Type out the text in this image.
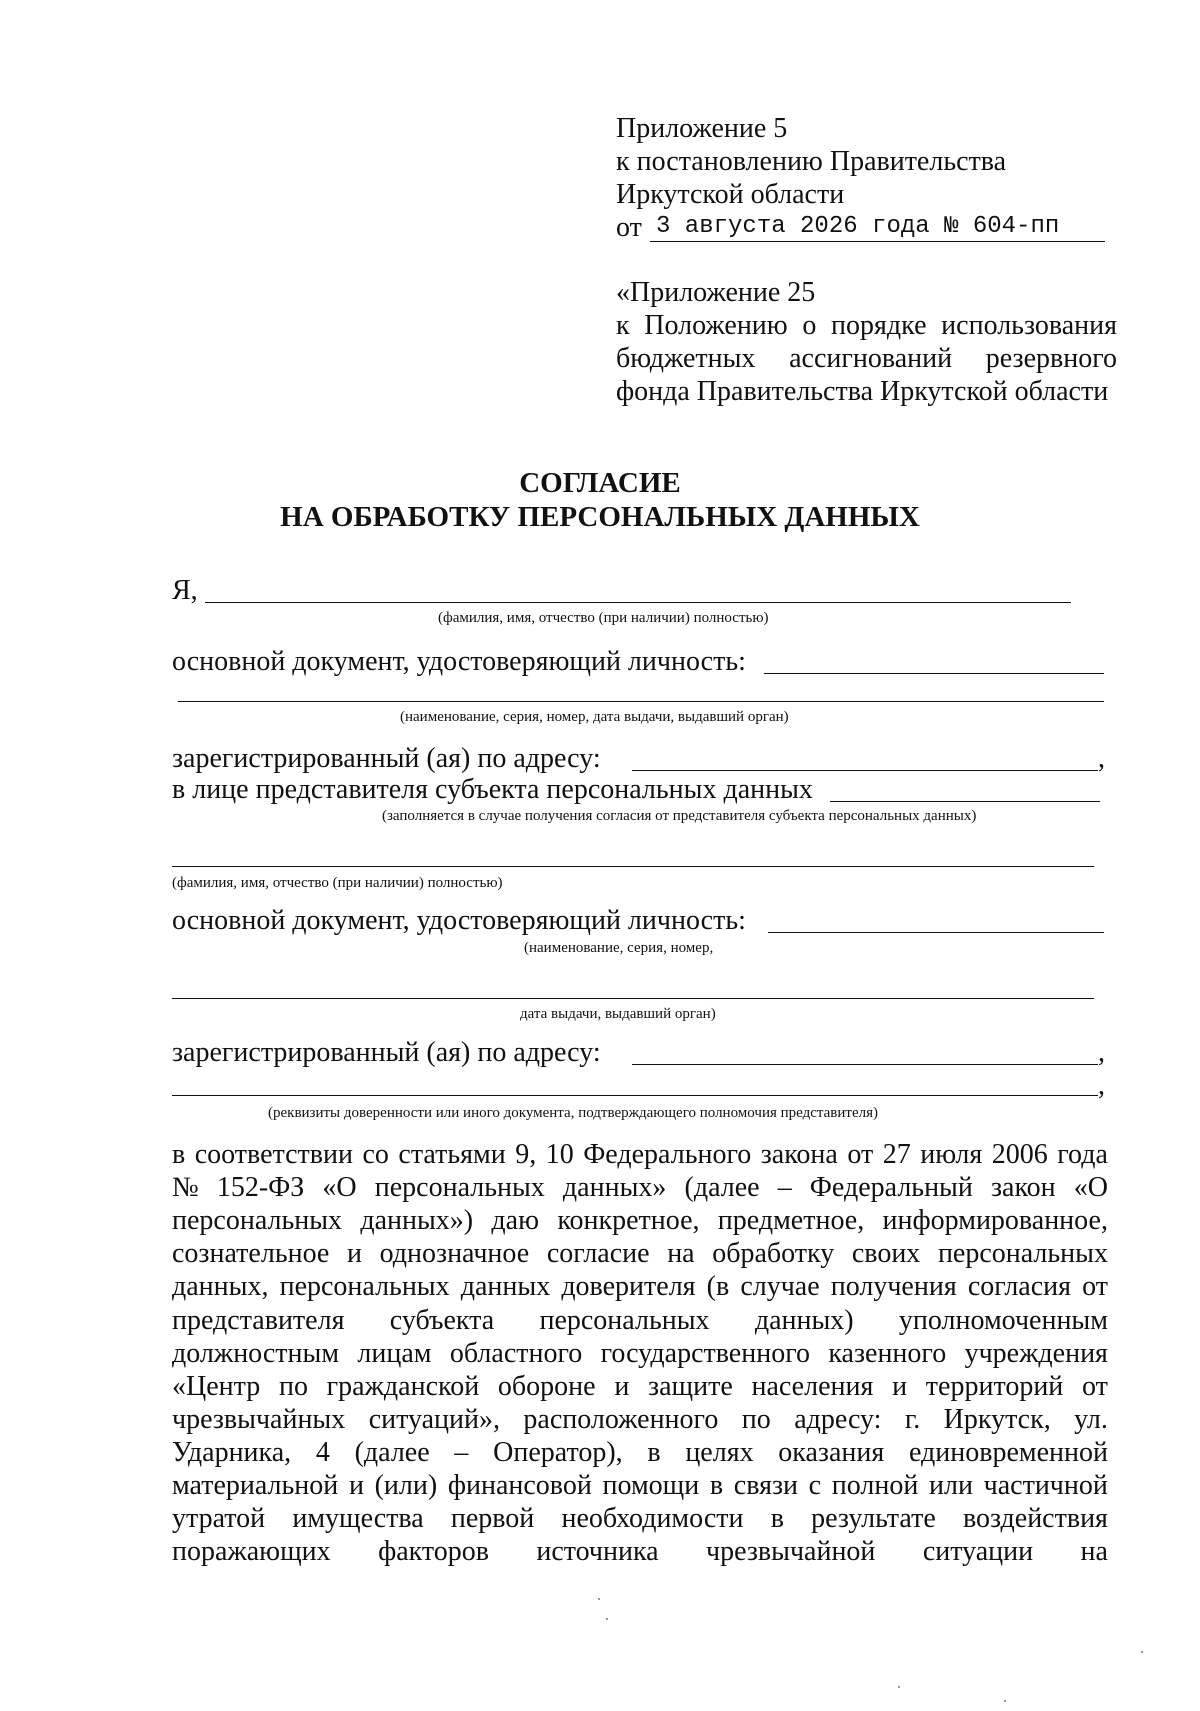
Приложение 5
к постановлению Правительства
Иркутской области
от 3 августа 2026 года № 604-пп
«Приложение 25
к Положению о порядке использования
бюджетных ассигнований резервного
фонда Правительства Иркутской области
СОГЛАСИЕ
НА ОБРАБОТКУ ПЕРСОНАЛЬНЫХ ДАННЫХ
Я,
(фамилия, имя, отчество (при наличии) полностью)
основной документ, удостоверяющий личность:
(наименование, серия, номер, дата выдачи, выдавший орган)
зарегистрированный (ая) по адресу:	,
в лице представителя субъекта персональных данных
(заполняется в случае получения согласия от представителя субъекта персональных данных)
(фамилия, имя, отчество (при наличии) полностью)
основной документ, удостоверяющий личность:
(наименование, серия, номер,
дата выдачи, выдавший орган)
зарегистрированный (ая) по адресу:	,
,
(реквизиты доверенности или иного документа, подтверждающего полномочия представителя)
в соответствии со статьями 9, 10 Федерального закона от 27 июля 2006 года
№ 152-ФЗ «О персональных данных» (далее – Федеральный закон «О
персональных данных») даю конкретное, предметное, информированное,
сознательное и однозначное согласие на обработку своих персональных
данных, персональных данных доверителя (в случае получения согласия от
представителя субъекта персональных данных) уполномоченным
должностным лицам областного государственного казенного учреждения
«Центр по гражданской обороне и защите населения и территорий от
чрезвычайных ситуаций», расположенного по адресу: г. Иркутск, ул.
Ударника, 4 (далее – Оператор), в целях оказания единовременной
материальной и (или) финансовой помощи в связи с полной или частичной
утратой имущества первой необходимости в результате воздействия
поражающих факторов источника чрезвычайной ситуации на
